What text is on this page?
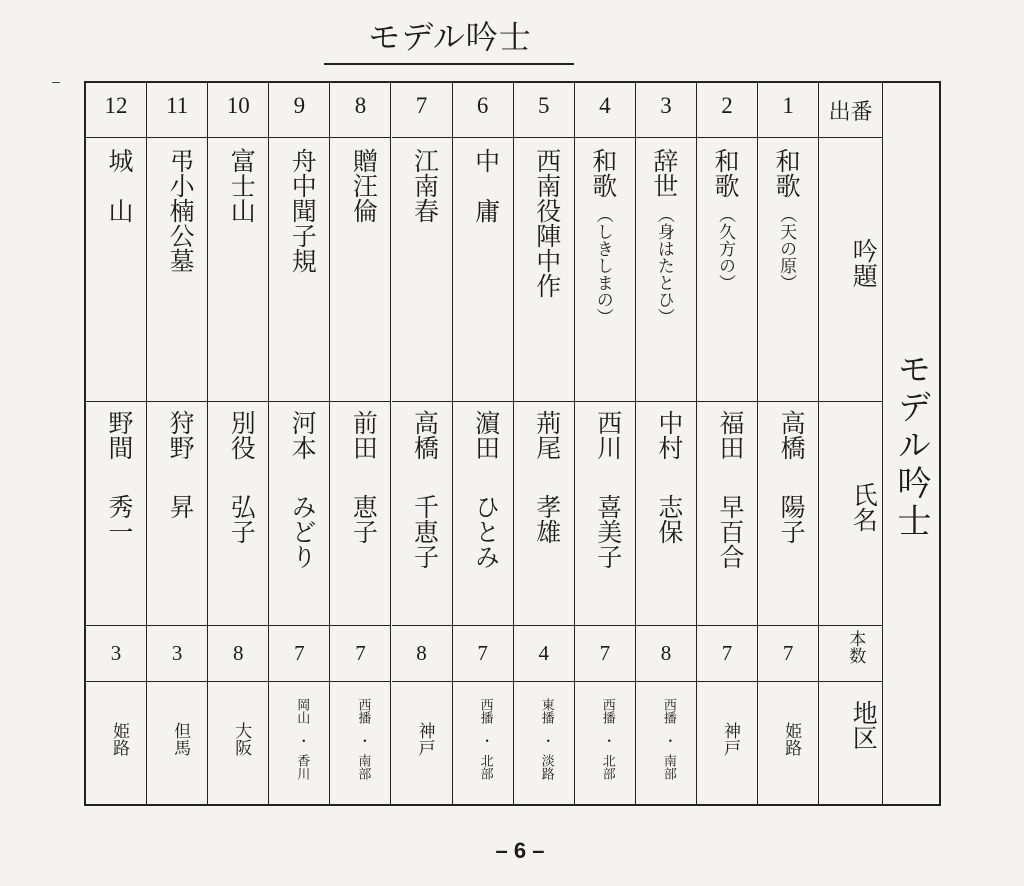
モデル吟士
モデル吟士
出番
吟題
氏名
本数
地区
1
（天の原）
和歌
高橋
陽子
7
姫路
2
（久方の）
和歌
福田
早百合
7
神戸
3
（身はたとひ）
辞世
中村
志保
8
西播
・
南部
4
（しきしまの）
和歌
西川
喜美子
7
西播
・
北部
5
西南役陣中作
荊尾
孝雄
4
東播
・
淡路
6
中　庸
濵田
ひとみ
7
西播
・
北部
7
江南春
高橋
千恵子
8
神戸
8
贈汪倫
前田
恵子
7
西播
・
南部
9
舟中聞子規
河本
みどり
7
岡山
・
香川
10
富士山
別役
弘子
8
大阪
11
弔小楠公墓
狩野
昇
3
但馬
12
城　山
野間
秀一
3
姫路
– 6 –
